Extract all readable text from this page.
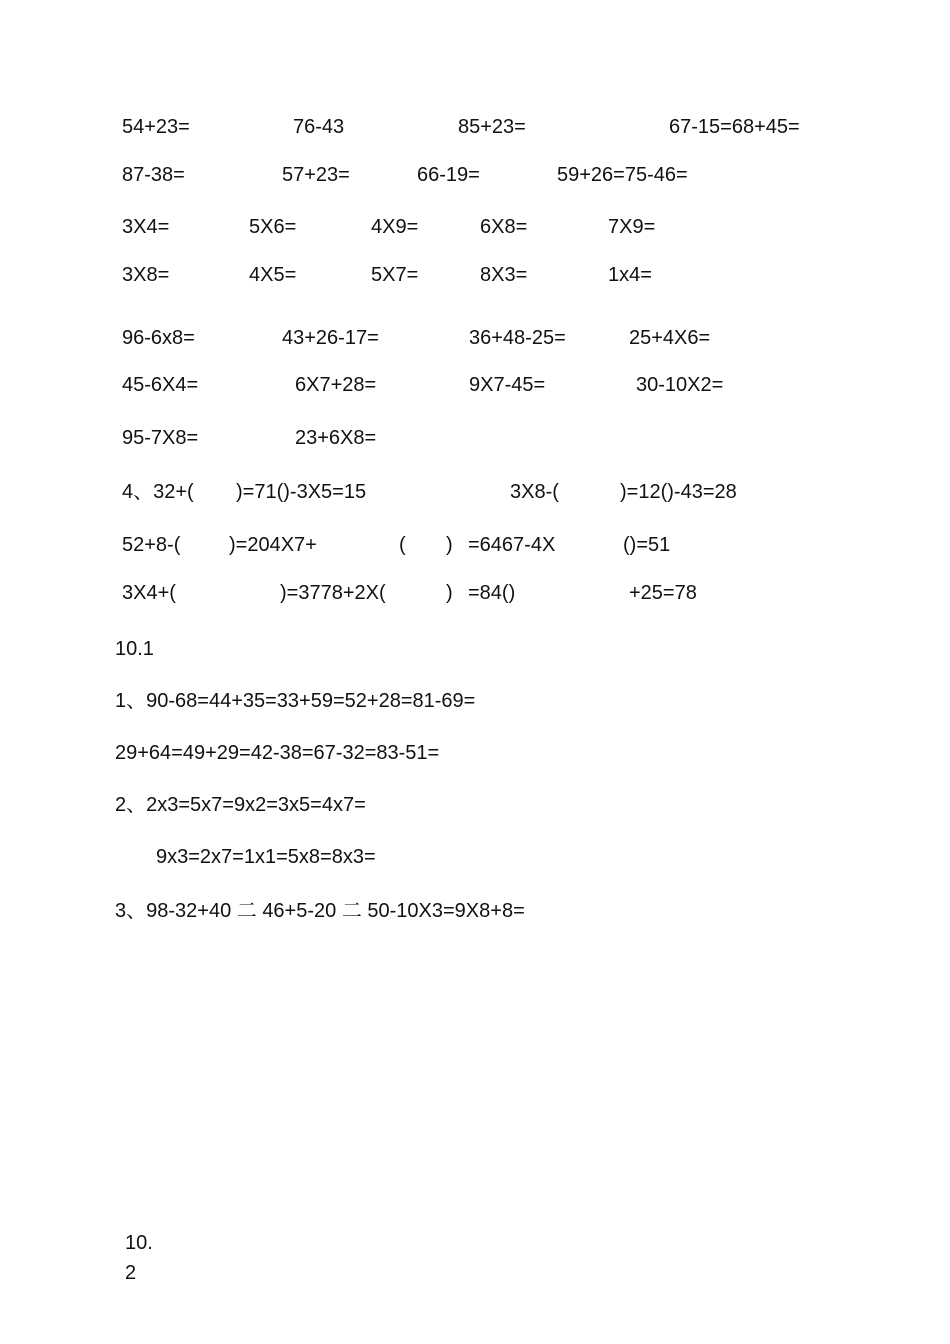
54+23=	76-43	85+23=	67-15=68+45=
87-38=	57+23=	66-19=	59+26=75-46=
3X4=	5X6=	4X9=	6X8=	7X9=
3X8=	4X5=	5X7=	8X3=	1x4=
96-6x8=	43+26-17=	36+48-25=	25+4X6=
45-6X4=	6X7+28=	9X7-45=	30-10X2=
95-7X8=	23+6X8=
4、32+( )=71()-3X5=15	3X8-(	)=12()-43=28
52+8-( )=204X7+	( ) =6467-4X	()=51
3X4+(	)=3778+2X(	) =84()	+25=78
10.1
1、90-68=44+35=33+59=52+28=81-69=
29+64=49+29=42-38=67-32=83-51=
2、2x3=5x7=9x2=3x5=4x7=
9x3=2x7=1x1=5x8=8x3=
3、98-32+40 二 46+5-20 二 50-10X3=9X8+8=
10.
2
